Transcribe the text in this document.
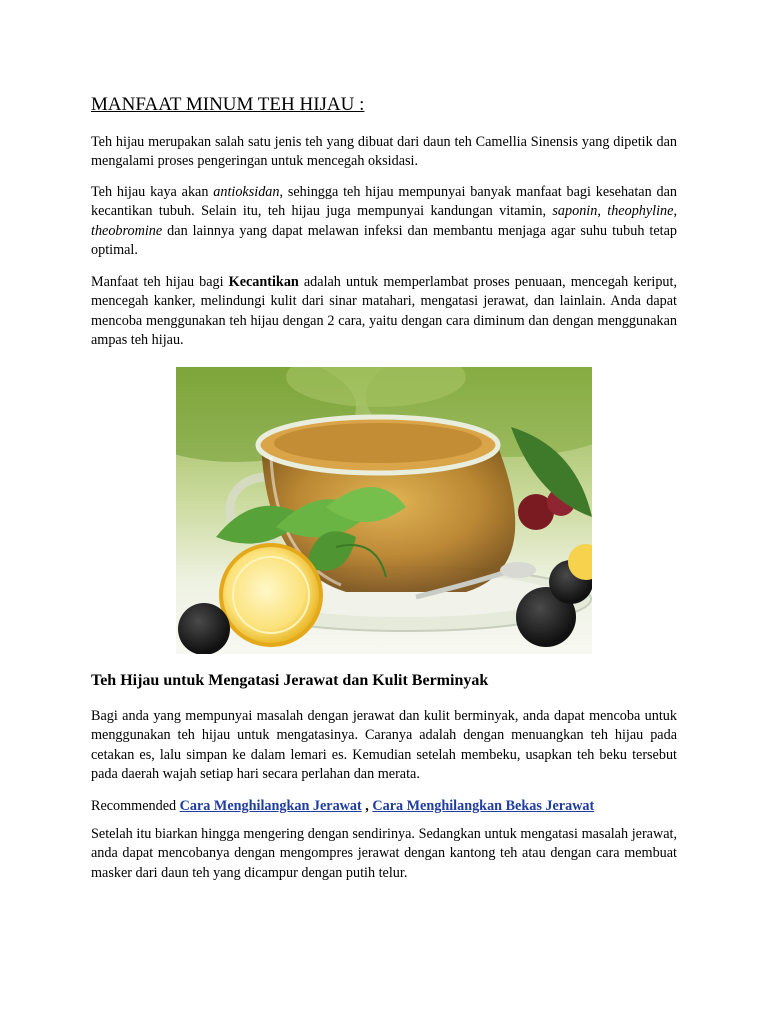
MANFAAT MINUM TEH HIJAU :

Teh hijau merupakan salah satu jenis teh yang dibuat dari daun teh Camellia Sinensis yang dipetik dan mengalami proses pengeringan untuk mencegah oksidasi.

Teh hijau kaya akan antioksidan, sehingga teh hijau mempunyai banyak manfaat bagi kesehatan dan kecantikan tubuh. Selain itu, teh hijau juga mempunyai kandungan vitamin, saponin, theophyline, theobromine dan lainnya yang dapat melawan infeksi dan membantu menjaga agar suhu tubuh tetap optimal.

Manfaat teh hijau bagi Kecantikan adalah untuk memperlambat proses penuaan, mencegah keriput, mencegah kanker, melindungi kulit dari sinar matahari, mengatasi jerawat, dan lainlain. Anda dapat mencoba menggunakan teh hijau dengan 2 cara, yaitu dengan cara diminum dan dengan menggunakan ampas teh hijau.

Teh Hijau untuk Mengatasi Jerawat dan Kulit Berminyak

Bagi anda yang mempunyai masalah dengan jerawat dan kulit berminyak, anda dapat mencoba untuk menggunakan teh hijau untuk mengatasinya. Caranya adalah dengan menuangkan teh hijau pada cetakan es, lalu simpan ke dalam lemari es. Kemudian setelah membeku, usapkan teh beku tersebut pada daerah wajah setiap hari secara perlahan dan merata.

Recommended Cara Menghilangkan Jerawat , Cara Menghilangkan Bekas Jerawat

Setelah itu biarkan hingga mengering dengan sendirinya. Sedangkan untuk mengatasi masalah jerawat, anda dapat mencobanya dengan mengompres jerawat dengan kantong teh atau dengan cara membuat masker dari daun teh yang dicampur dengan putih telur.
